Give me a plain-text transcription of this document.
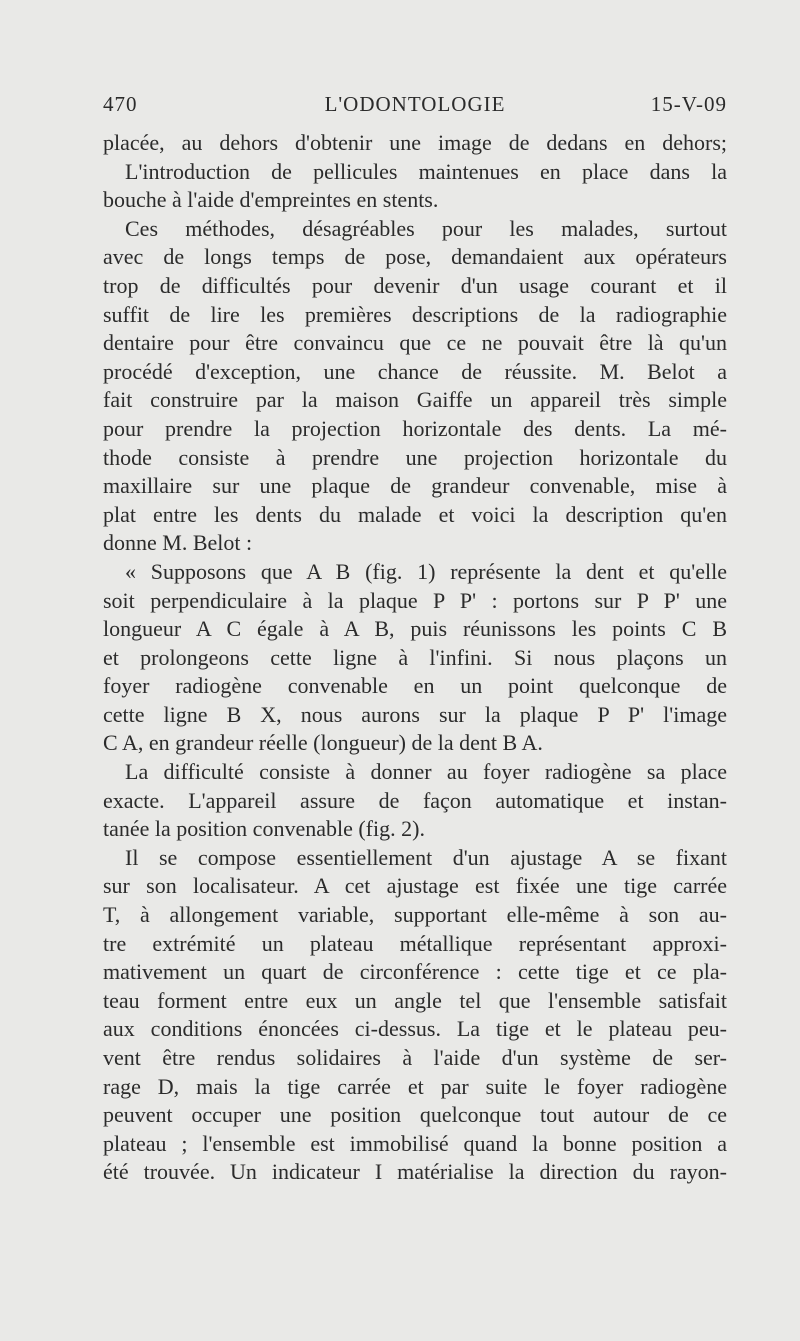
470	L'ODONTOLOGIE	15-V-09
placée, au dehors d'obtenir une image de dedans en dehors;
L'introduction de pellicules maintenues en place dans la
bouche à l'aide d'empreintes en stents.
Ces méthodes, désagréables pour les malades, surtout
avec de longs temps de pose, demandaient aux opérateurs
trop de difficultés pour devenir d'un usage courant et il
suffit de lire les premières descriptions de la radiographie
dentaire pour être convaincu que ce ne pouvait être là qu'un
procédé d'exception, une chance de réussite. M. Belot a
fait construire par la maison Gaiffe un appareil très simple
pour prendre la projection horizontale des dents. La mé-
thode consiste à prendre une projection horizontale du
maxillaire sur une plaque de grandeur convenable, mise à
plat entre les dents du malade et voici la description qu'en
donne M. Belot :
« Supposons que A B (fig. 1) représente la dent et qu'elle
soit perpendiculaire à la plaque P P' : portons sur P P' une
longueur A C égale à A B, puis réunissons les points C B
et prolongeons cette ligne à l'infini. Si nous plaçons un
foyer radiogène convenable en un point quelconque de
cette ligne B X, nous aurons sur la plaque P P' l'image
C A, en grandeur réelle (longueur) de la dent B A.
La difficulté consiste à donner au foyer radiogène sa place
exacte. L'appareil assure de façon automatique et instan-
tanée la position convenable (fig. 2).
Il se compose essentiellement d'un ajustage A se fixant
sur son localisateur. A cet ajustage est fixée une tige carrée
T, à allongement variable, supportant elle-même à son au-
tre extrémité un plateau métallique représentant approxi-
mativement un quart de circonférence : cette tige et ce pla-
teau forment entre eux un angle tel que l'ensemble satisfait
aux conditions énoncées ci-dessus. La tige et le plateau peu-
vent être rendus solidaires à l'aide d'un système de ser-
rage D, mais la tige carrée et par suite le foyer radiogène
peuvent occuper une position quelconque tout autour de ce
plateau ; l'ensemble est immobilisé quand la bonne position a
été trouvée. Un indicateur I matérialise la direction du rayon-
